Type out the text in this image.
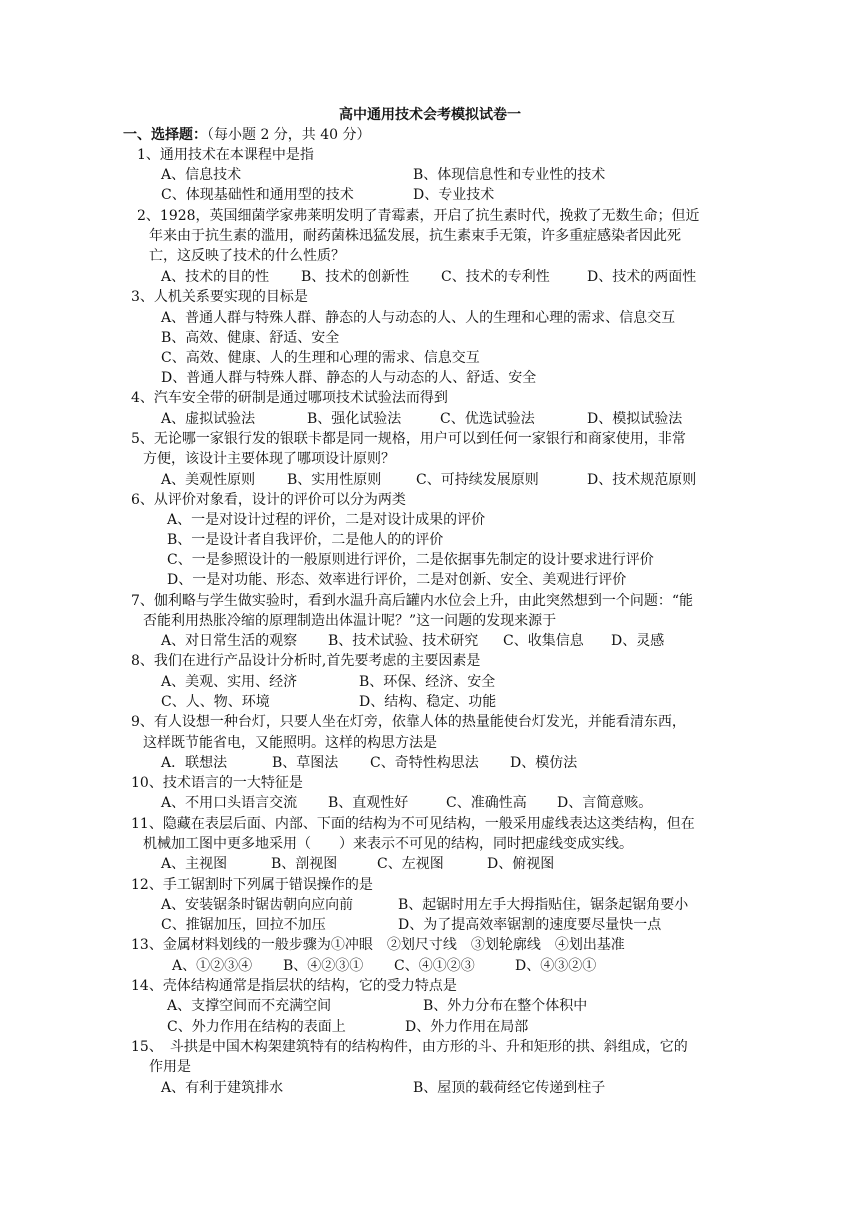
高中通用技术会考模拟试卷一
一、选择题：（每小题 2 分，共 40 分）
1、通用技术在本课程中是指
A、信息技术	B、体现信息性和专业性的技术
C、体现基础性和通用型的技术	D、专业技术
2、1928，英国细菌学家弗莱明发明了青霉素，开启了抗生素时代，挽救了无数生命；但近
年来由于抗生素的滥用，耐药菌株迅猛发展，抗生素束手无策，许多重症感染者因此死
亡，这反映了技术的什么性质？
A、技术的目的性 B、技术的创新性 C、技术的专利性	D、技术的两面性
3、人机关系要实现的目标是
A、普通人群与特殊人群、静态的人与动态的人、人的生理和心理的需求、信息交互
B、高效、健康、舒适、安全
C、高效、健康、人的生理和心理的需求、信息交互
D、普通人群与特殊人群、静态的人与动态的人、舒适、安全
4、汽车安全带的研制是通过哪项技术试验法而得到
A、虚拟试验法	B、强化试验法	C、优选试验法	D、模拟试验法
5、无论哪一家银行发的银联卡都是同一规格，用户可以到任何一家银行和商家使用，非常
方便，该设计主要体现了哪项设计原则？
A、美观性原则 B、实用性原则 C、可持续发展原则	D、技术规范原则
6、从评价对象看，设计的评价可以分为两类
A、一是对设计过程的评价，二是对设计成果的评价
B、一是设计者自我评价，二是他人的的评价
C、一是参照设计的一般原则进行评价，二是依据事先制定的设计要求进行评价
D、一是对功能、形态、效率进行评价，二是对创新、安全、美观进行评价
7、伽利略与学生做实验时，看到水温升高后罐内水位会上升，由此突然想到一个问题：“能
否能利用热胀冷缩的原理制造出体温计呢？”这一问题的发现来源于
A、对日常生活的观察 B、技术试验、技术研究 C、收集信息 D、灵感
8、我们在进行产品设计分析时,首先要考虑的主要因素是
A、美观、实用、经济	B、环保、经济、安全
C、人、物、环境	D、结构、稳定、功能
9、有人设想一种台灯，只要人坐在灯旁，依靠人体的热量能使台灯发光，并能看清东西，
这样既节能省电，又能照明。这样的构思方法是
A．联想法	B、草图法 C、奇特性构思法 D、模仿法
10、技术语言的一大特征是
A、不用口头语言交流 B、直观性好	C、准确性高 D、言简意赅。
11、隐藏在表层后面、内部、下面的结构为不可见结构，一般采用虚线表达这类结构，但在
机械加工图中更多地采用（　　）来表示不可见的结构，同时把虚线变成实线。
A、主视图	B、剖视图	C、左视图	D、俯视图
12、手工锯割时下列属于错误操作的是
A、安装锯条时锯齿朝向应向前	B、起锯时用左手大拇指贴住，锯条起锯角要小
C、推锯加压，回拉不加压	D、为了提高效率锯割的速度要尽量快一点
13、金属材料划线的一般步骤为①冲眼　②划尺寸线　③划轮廓线　④划出基准
A、①②③④ B、④②③① C、④①②③	D、④③②①
14、壳体结构通常是指层状的结构，它的受力特点是
A、支撑空间而不充满空间	B、外力分布在整个体积中
C、外力作用在结构的表面上	D、外力作用在局部
15、　斗拱是中国木构架建筑特有的结构构件，由方形的斗、升和矩形的拱、斜组成，它的
作用是
A、有利于建筑排水	B、屋顶的载荷经它传递到柱子
